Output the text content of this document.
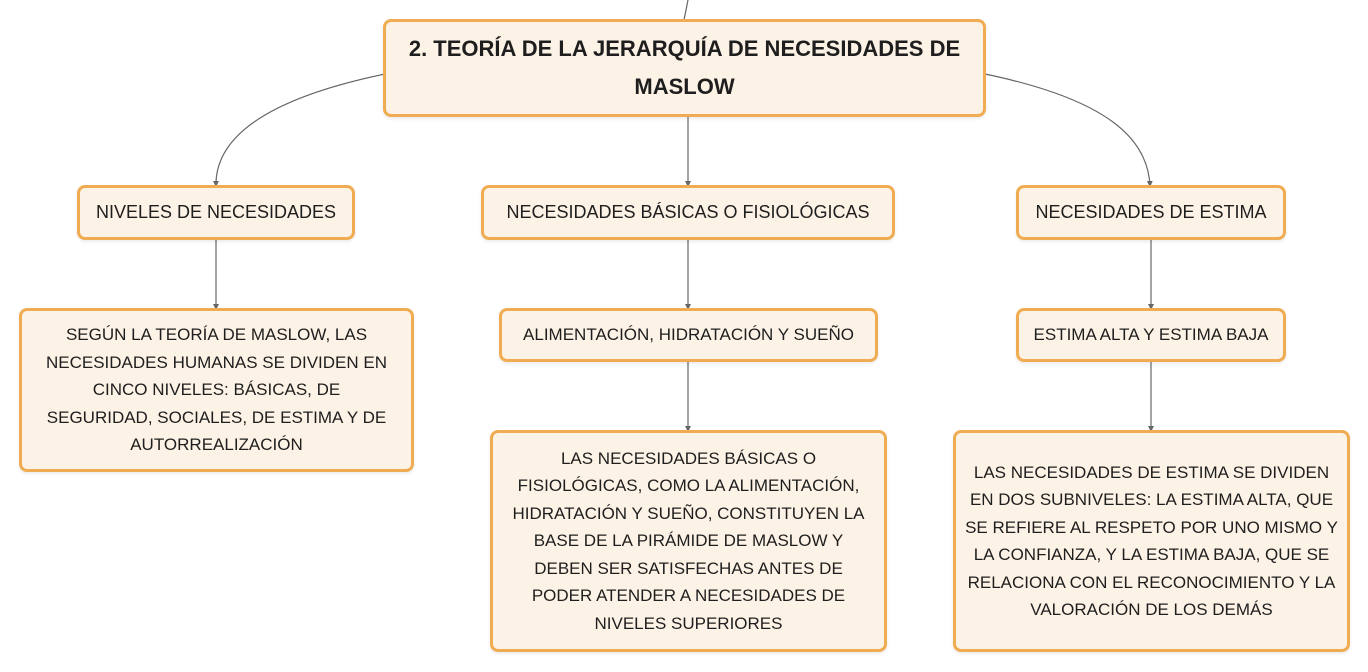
2. TEORÍA DE LA JERARQUÍA DE NECESIDADES DE MASLOW
NIVELES DE NECESIDADES	NECESIDADES BÁSICAS O FISIOLÓGICAS	NECESIDADES DE ESTIMA
SEGÚN LA TEORÍA DE MASLOW, LAS NECESIDADES HUMANAS SE DIVIDEN EN CINCO NIVELES: BÁSICAS, DE SEGURIDAD, SOCIALES, DE ESTIMA Y DE AUTORREALIZACIÓN
ALIMENTACIÓN, HIDRATACIÓN Y SUEÑO	ESTIMA ALTA Y ESTIMA BAJA
LAS NECESIDADES BÁSICAS O FISIOLÓGICAS, COMO LA ALIMENTACIÓN, HIDRATACIÓN Y SUEÑO, CONSTITUYEN LA BASE DE LA PIRÁMIDE DE MASLOW Y DEBEN SER SATISFECHAS ANTES DE PODER ATENDER A NECESIDADES DE NIVELES SUPERIORES
LAS NECESIDADES DE ESTIMA SE DIVIDEN EN DOS SUBNIVELES: LA ESTIMA ALTA, QUE SE REFIERE AL RESPETO POR UNO MISMO Y LA CONFIANZA, Y LA ESTIMA BAJA, QUE SE RELACIONA CON EL RECONOCIMIENTO Y LA VALORACIÓN DE LOS DEMÁS
